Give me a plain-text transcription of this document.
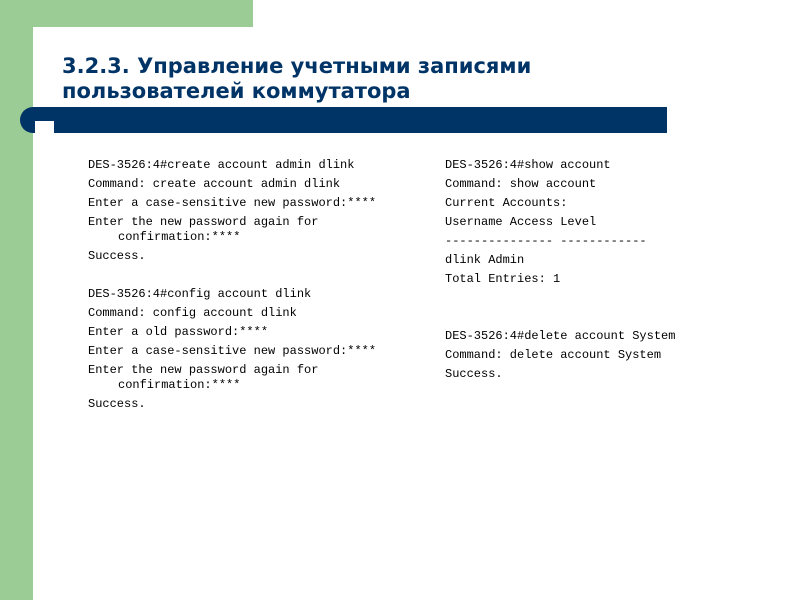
3.2.3. Управление учетными записями
пользователей коммутатора
DES-3526:4#create account admin dlink
Command: create account admin dlink
Enter a case-sensitive new password:****
Enter the new password again for confirmation:****
Success.
DES-3526:4#config account dlink
Command: config account dlink
Enter a old password:****
Enter a case-sensitive new password:****
Enter the new password again for confirmation:****
Success.
DES-3526:4#show account
Command: show account
Current Accounts:
Username Access Level
--------------- ------------
dlink Admin
Total Entries: 1
DES-3526:4#delete account System
Command: delete account System
Success.
